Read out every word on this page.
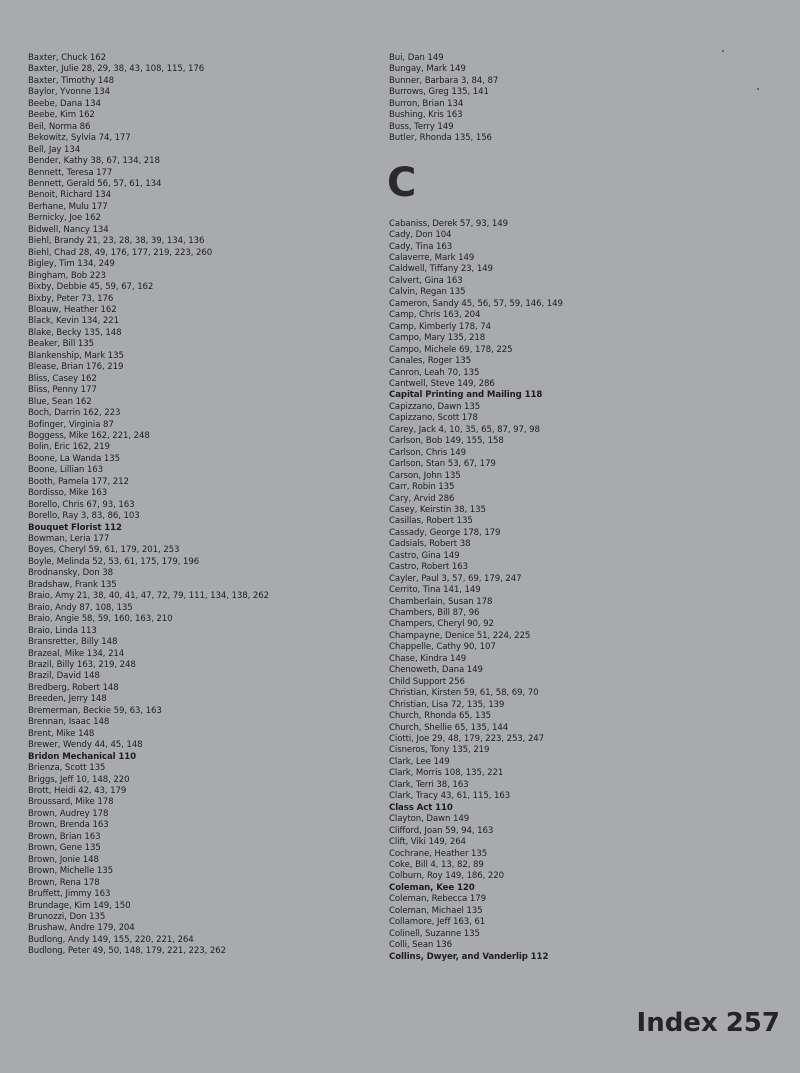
Baxter, Chuck 162
Baxter, Julie 28, 29, 38, 43, 108, 115, 176
Baxter, Timothy 148
Baylor, Yvonne 134
Beebe, Dana 134
Beebe, Kim 162
Beil, Norma 86
Bekowitz, Sylvia 74, 177
Bell, Jay 134
Bender, Kathy 38, 67, 134, 218
Bennett, Teresa 177
Bennett, Gerald 56, 57, 61, 134
Benoit, Richard 134
Berhane, Mulu 177
Bernicky, Joe 162
Bidwell, Nancy 134
Biehl, Brandy 21, 23, 28, 38, 39, 134, 136
Biehl, Chad 28, 49, 176, 177, 219, 223, 260
Bigley, Tim 134, 249
Bingham, Bob 223
Bixby, Debbie 45, 59, 67, 162
Bixby, Peter 73, 176
Bloauw, Heather 162
Black, Kevin 134, 221
Blake, Becky 135, 148
Beaker, Bill 135
Blankenship, Mark 135
Blease, Brian 176, 219
Bliss, Casey 162
Bliss, Penny 177
Blue, Sean 162
Boch, Darrin 162, 223
Bofinger, Virginia 87
Boggess, Mike 162, 221, 248
Bolin, Eric 162, 219
Boone, La Wanda 135
Boone, Lillian 163
Booth, Pamela 177, 212
Bordisso, Mike 163
Borello, Chris 67, 93, 163
Borello, Ray 3, 83, 86, 103
Bouquet Florist 112
Bowman, Leria 177
Boyes, Cheryl 59, 61, 179, 201, 253
Boyle, Melinda 52, 53, 61, 175, 179, 196
Brodnansky, Don 38
Bradshaw, Frank 135
Braio, Amy 21, 38, 40, 41, 47, 72, 79, 111, 134, 138, 262
Braio, Andy 87, 108, 135
Braio, Angie 58, 59, 160, 163, 210
Braio, Linda 113
Bransretter, Billy 148
Brazeal, Mike 134, 214
Brazil, Billy 163, 219, 248
Brazil, David 148
Bredberg, Robert 148
Breeden, Jerry 148
Bremerman, Beckie 59, 63, 163
Brennan, Isaac 148
Brent, Mike 148
Brewer, Wendy 44, 45, 148
Bridon Mechanical 110
Brienza, Scott 135
Briggs, Jeff 10, 148, 220
Brott, Heidi 42, 43, 179
Broussard, Mike 178
Brown, Audrey 178
Brown, Brenda 163
Brown, Brian 163
Brown, Gene 135
Brown, Jonie 148
Brown, Michelle 135
Brown, Rena 178
Bruffett, Jimmy 163
Brundage, Kim 149, 150
Brunozzi, Don 135
Brushaw, Andre 179, 204
Budlong, Andy 149, 155, 220, 221, 264
Budlong, Peter 49, 50, 148, 179, 221, 223, 262
Bui, Dan 149
Bungay, Mark 149
Bunner, Barbara 3, 84, 87
Burrows, Greg 135, 141
Burron, Brian 134
Bushing, Kris 163
Buss, Terry 149
Butler, Rhonda 135, 156
C
Cabaniss, Derek 57, 93, 149
Cady, Don 104
Cady, Tina 163
Calaverre, Mark 149
Caldwell, Tiffany 23, 149
Calvert, Gina 163
Calvin, Regan 135
Cameron, Sandy 45, 56, 57, 59, 146, 149
Camp, Chris 163, 204
Camp, Kimberly 178, 74
Campo, Mary 135, 218
Campo, Michele 69, 178, 225
Canales, Roger 135
Canron, Leah 70, 135
Cantwell, Steve 149, 286
Capital Printing and Mailing 118
Capizzano, Dawn 135
Capizzano, Scott 178
Carey, Jack 4, 10, 35, 65, 87, 97, 98
Carlson, Bob 149, 155, 158
Carlson, Chris 149
Carlson, Stan 53, 67, 179
Carson, John 135
Carr, Robin 135
Cary, Arvid 286
Casey, Keirstin 38, 135
Casillas, Robert 135
Cassady, George 178, 179
Cadsials, Robert 38
Castro, Gina 149
Castro, Robert 163
Cayler, Paul 3, 57, 69, 179, 247
Cerrito, Tina 141, 149
Chamberlain, Susan 178
Chambers, Bill 87, 96
Champers, Cheryl 90, 92
Champayne, Denice 51, 224, 225
Chappelle, Cathy 90, 107
Chase, Kindra 149
Chenoweth, Dana 149
Child Support 256
Christian, Kirsten 59, 61, 58, 69, 70
Christian, Lisa 72, 135, 139
Church, Rhonda 65, 135
Church, Shellie 65, 135, 144
Ciotti, Joe 29, 48, 179, 223, 253, 247
Cisneros, Tony 135, 219
Clark, Lee 149
Clark, Morris 108, 135, 221
Clark, Terri 38, 163
Clark, Tracy 43, 61, 115, 163
Class Act 110
Clayton, Dawn 149
Clifford, Joan 59, 94, 163
Clift, Viki 149, 264
Cochrane, Heather 135
Coke, Bill 4, 13, 82, 89
Colburn, Roy 149, 186, 220
Coleman, Kee 120
Coleman, Rebecca 179
Coleman, Michael 135
Collamore, Jeff 163, 61
Colinell, Suzanne 135
Colli, Sean 136
Collins, Dwyer, and Vanderlip 112
Index 257
